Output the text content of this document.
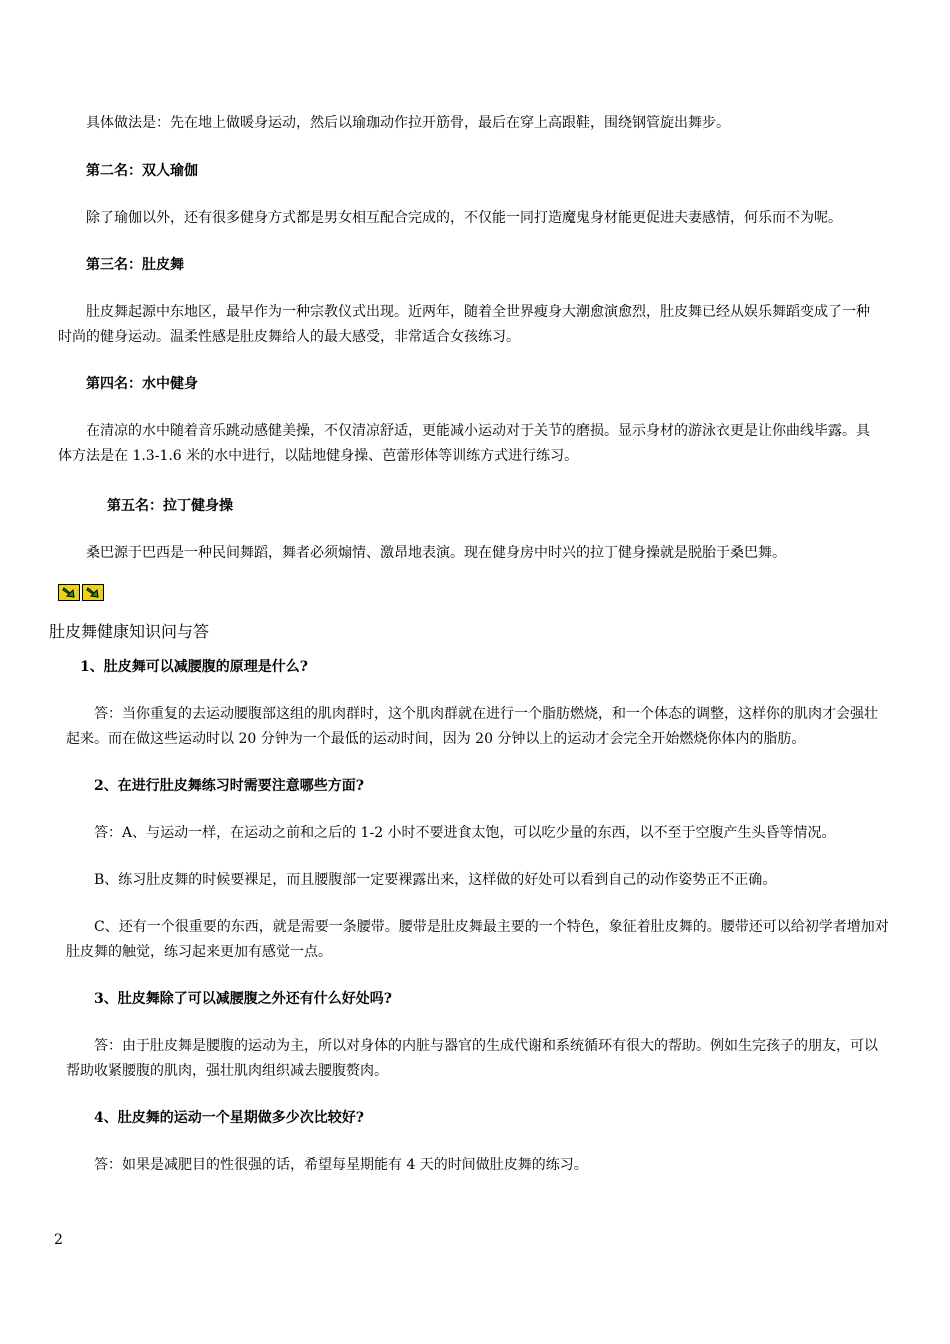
具体做法是：先在地上做暖身运动，然后以瑜珈动作拉开筋骨，最后在穿上高跟鞋，围绕钢管旋出舞步。
第二名：双人瑜伽
除了瑜伽以外，还有很多健身方式都是男女相互配合完成的，不仅能一同打造魔鬼身材能更促进夫妻感情，何乐而不为呢。
第三名：肚皮舞
肚皮舞起源中东地区，最早作为一种宗教仪式出现。近两年，随着全世界瘦身大潮愈演愈烈，肚皮舞已经从娱乐舞蹈变成了一种
时尚的健身运动。温柔性感是肚皮舞给人的最大感受，非常适合女孩练习。
第四名：水中健身
在清凉的水中随着音乐跳动感健美操，不仅清凉舒适，更能减小运动对于关节的磨损。显示身材的游泳衣更是让你曲线毕露。具
体方法是在 1.3-1.6 米的水中进行，以陆地健身操、芭蕾形体等训练方式进行练习。
第五名：拉丁健身操
桑巴源于巴西是一种民间舞蹈，舞者必须煽情、激昂地表演。现在健身房中时兴的拉丁健身操就是脱胎于桑巴舞。
肚皮舞健康知识问与答
1、肚皮舞可以减腰腹的原理是什么?
答：当你重复的去运动腰腹部这组的肌肉群时，这个肌肉群就在进行一个脂肪燃烧，和一个体态的调整，这样你的肌肉才会强壮
起来。而在做这些运动时以 20 分钟为一个最低的运动时间，因为 20 分钟以上的运动才会完全开始燃烧你体内的脂肪。
2、在进行肚皮舞练习时需要注意哪些方面?
答：A、与运动一样，在运动之前和之后的 1-2 小时不要进食太饱，可以吃少量的东西，以不至于空腹产生头昏等情况。
B、练习肚皮舞的时候要裸足，而且腰腹部一定要裸露出来，这样做的好处可以看到自己的动作姿势正不正确。
C、还有一个很重要的东西，就是需要一条腰带。腰带是肚皮舞最主要的一个特色，象征着肚皮舞的。腰带还可以给初学者增加对
肚皮舞的触觉，练习起来更加有感觉一点。
3、肚皮舞除了可以减腰腹之外还有什么好处吗?
答：由于肚皮舞是腰腹的运动为主，所以对身体的内脏与器官的生成代谢和系统循环有很大的帮助。例如生完孩子的朋友，可以
帮助收紧腰腹的肌肉，强壮肌肉组织减去腰腹赘肉。
4、肚皮舞的运动一个星期做多少次比较好?
答：如果是减肥目的性很强的话，希望每星期能有 4 天的时间做肚皮舞的练习。
2
